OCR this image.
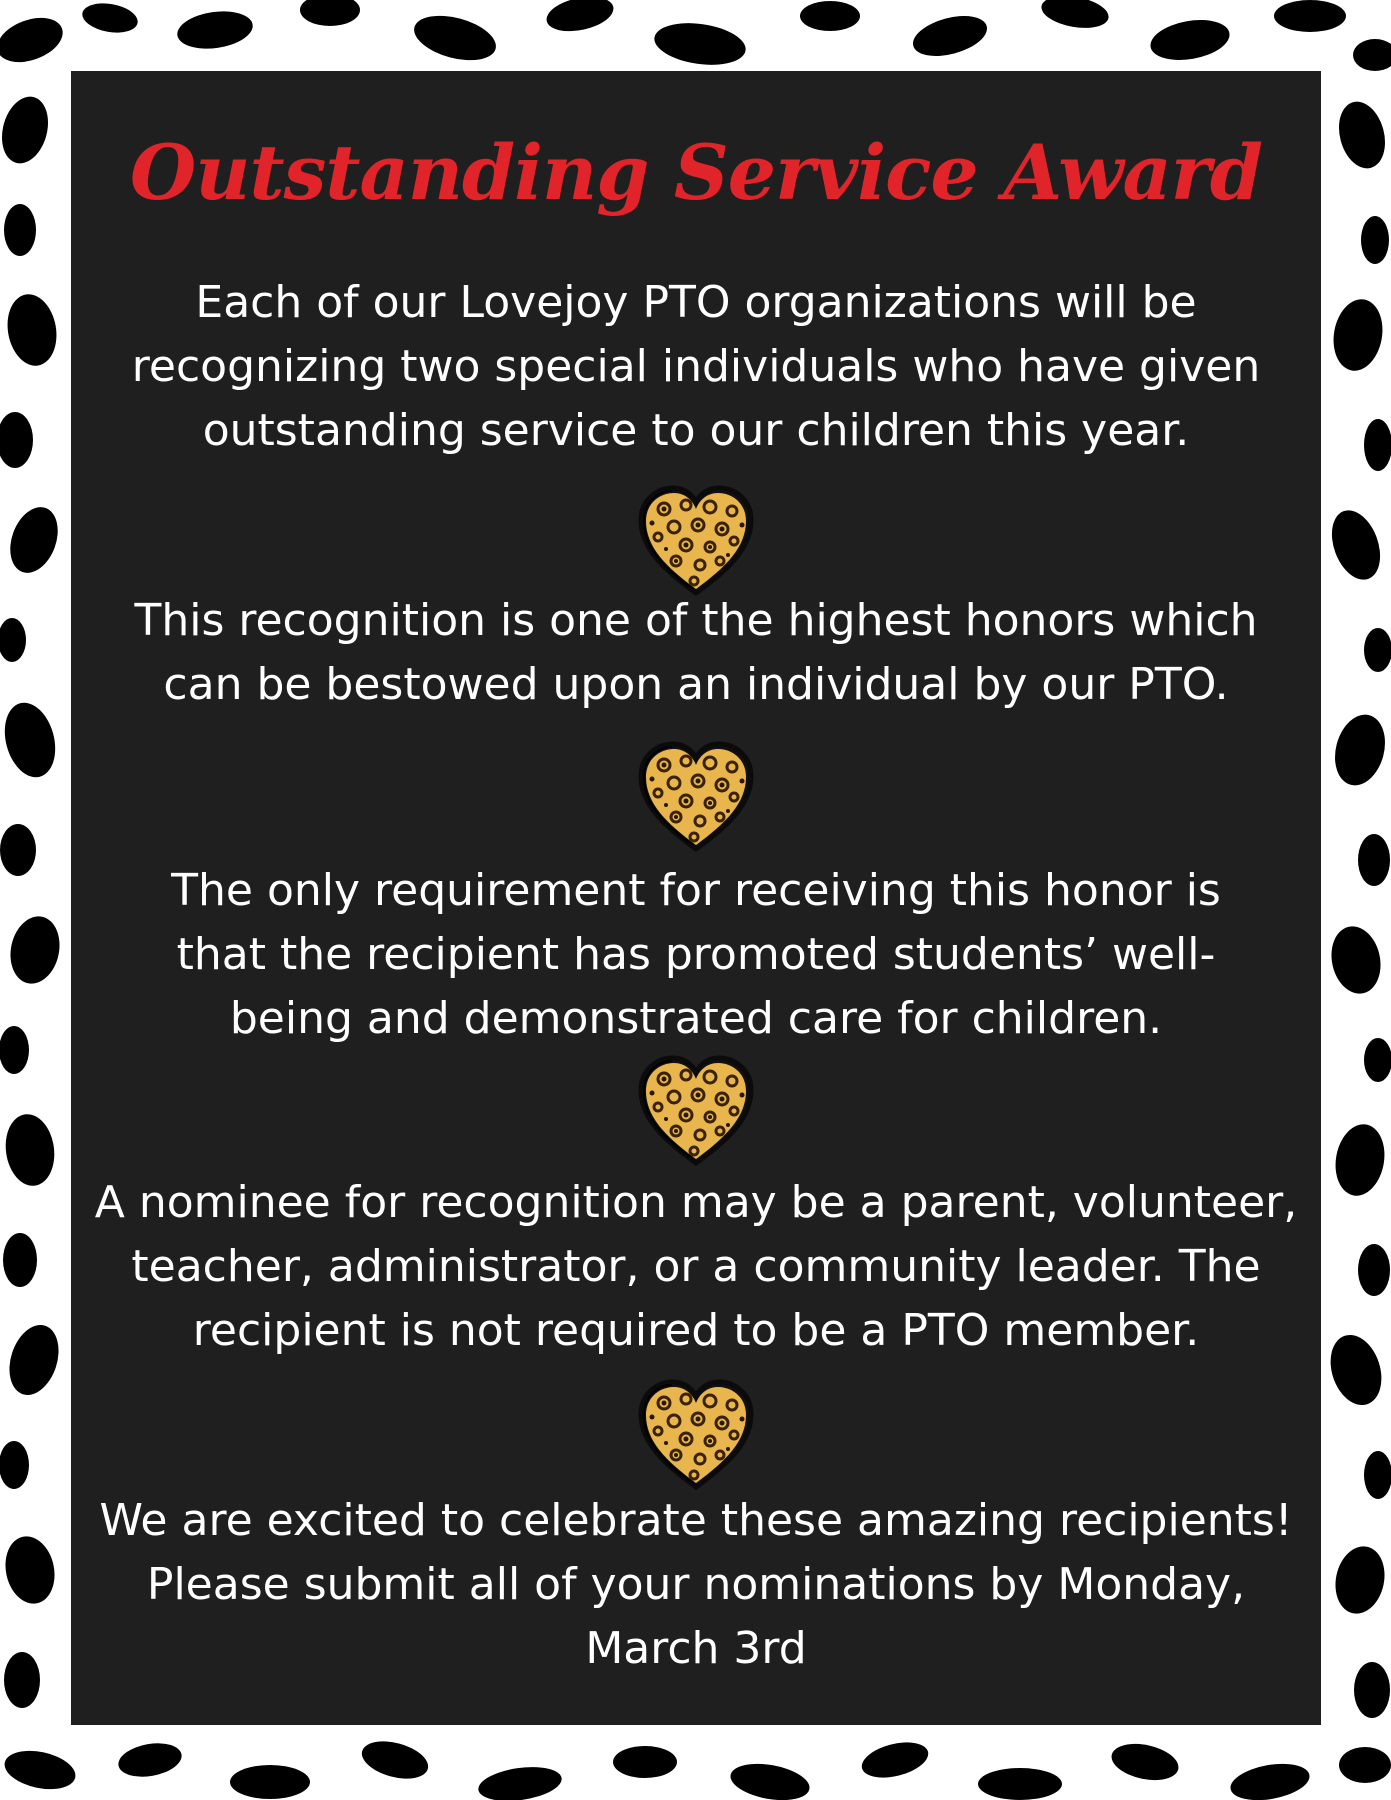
Outstanding Service Award

Each of our Lovejoy PTO organizations will be
recognizing two special individuals who have given
outstanding service to our children this year.

This recognition is one of the highest honors which
can be bestowed upon an individual by our PTO.

The only requirement for receiving this honor is
that the recipient has promoted students’ well-
being and demonstrated care for children.

A nominee for recognition may be a parent, volunteer,
teacher, administrator, or a community leader. The
recipient is not required to be a PTO member.

We are excited to celebrate these amazing recipients!
Please submit all of your nominations by Monday,
March 3rd
